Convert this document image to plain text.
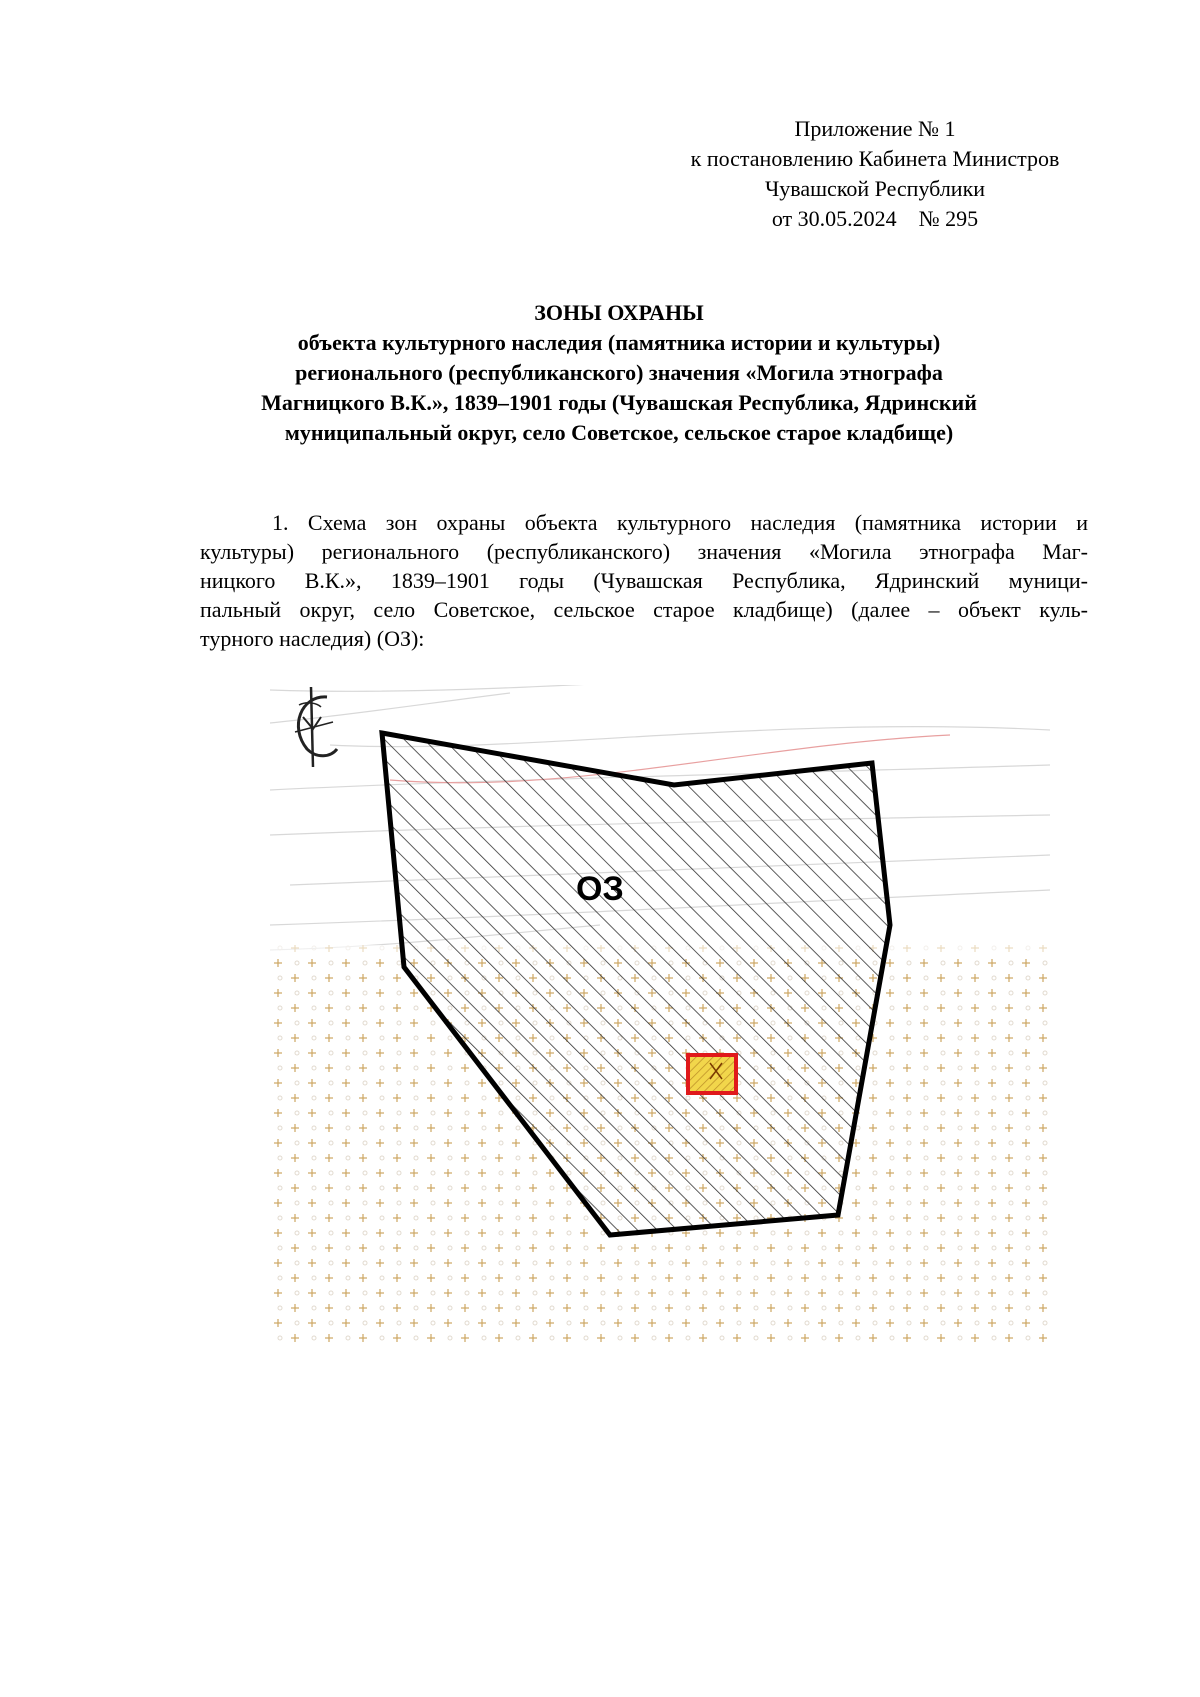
Приложение № 1
к постановлению Кабинета Министров
Чувашской Республики
от 30.05.2024    № 295
ЗОНЫ ОХРАНЫ
объекта культурного наследия (памятника истории и культуры)
регионального (республиканского) значения «Могила этнографа
Магницкого В.К.», 1839–1901 годы (Чувашская Республика, Ядринский
муниципальный округ, село Советское, сельское старое кладбище)
1. Схема зон охраны объекта культурного наследия (памятника истории и
культуры) регионального (республиканского) значения «Могила этнографа Маг-
ницкого В.К.», 1839–1901 годы (Чувашская Республика, Ядринский муници-
пальный округ, село Советское, сельское старое кладбище) (далее – объект куль-
турного наследия) (ОЗ):
ОЗ
